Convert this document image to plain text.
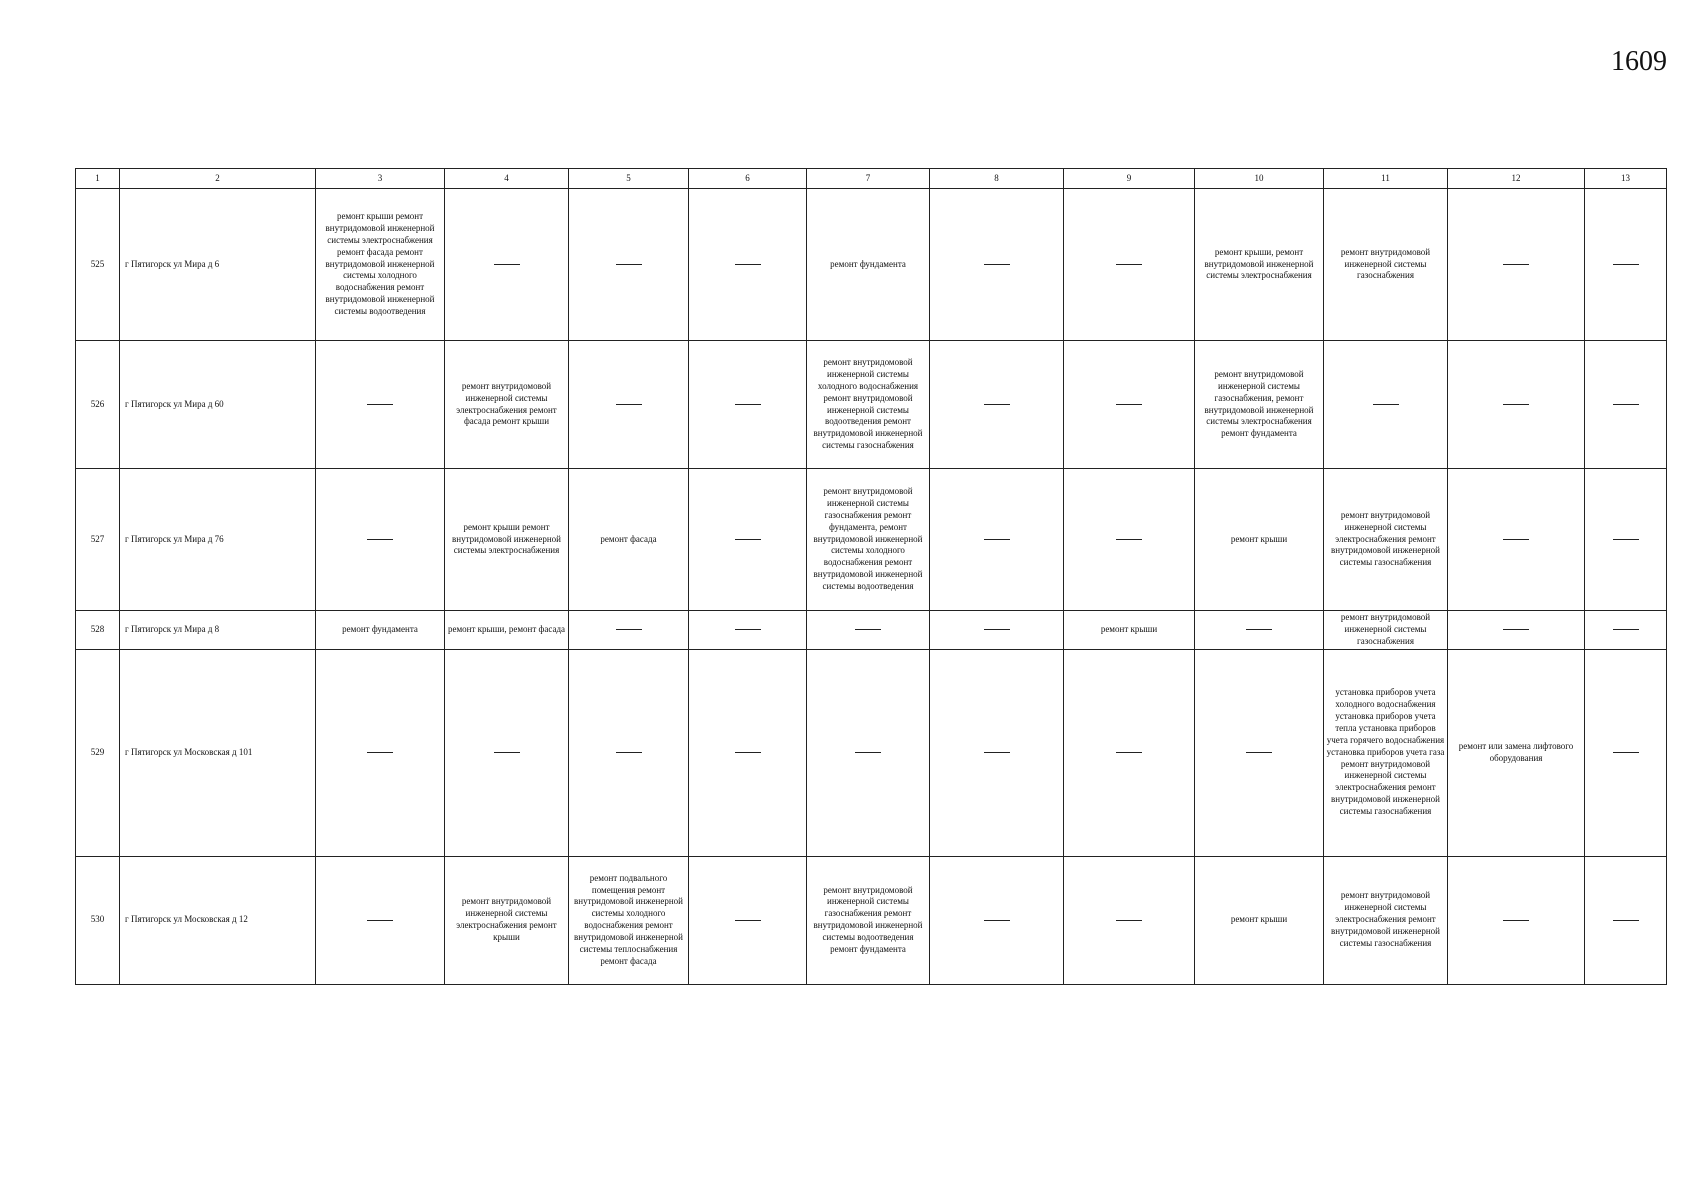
1609
1	2	3	4	5	6	7	8	9	10	11	12	13
525	г Пятигорск ул Мира д 6	ремонт крыши ремонт внутридомовой инженерной системы электроснабжения ремонт фасада ремонт внутридомовой инженерной системы холодного водоснабжения ремонт внутридомовой инженерной системы водоотведения				ремонт фундамента			ремонт крыши, ремонт внутридомовой инженерной системы электроснабжения	ремонт внутридомовой инженерной системы газоснабжения		
526	г Пятигорск ул Мира д 60		ремонт внутридомовой инженерной системы электроснабжения ремонт фасада ремонт крыши			ремонт внутридомовой инженерной системы холодного водоснабжения ремонт внутридомовой инженерной системы водоотведения ремонт внутридомовой инженерной системы газоснабжения			ремонт внутридомовой инженерной системы газоснабжения, ремонт внутридомовой инженерной системы электроснабжения ремонт фундамента			
527	г Пятигорск ул Мира д 76		ремонт крыши ремонт внутридомовой инженерной системы электроснабжения	ремонт фасада		ремонт внутридомовой инженерной системы газоснабжения ремонт фундамента, ремонт внутридомовой инженерной системы холодного водоснабжения ремонт внутридомовой инженерной системы водоотведения			ремонт крыши	ремонт внутридомовой инженерной системы электроснабжения ремонт внутридомовой инженерной системы газоснабжения		
528	г Пятигорск ул Мира д 8	ремонт фундамента	ремонт крыши, ремонт фасада					ремонт крыши		ремонт внутридомовой инженерной системы газоснабжения		
529	г Пятигорск ул Московская д 101									установка приборов учета холодного водоснабжения установка приборов учета тепла установка приборов учета горячего водоснабжения установка приборов учета газа ремонт внутридомовой инженерной системы электроснабжения ремонт внутридомовой инженерной системы газоснабжения	ремонт или замена лифтового оборудования	
530	г Пятигорск ул Московская д 12		ремонт внутридомовой инженерной системы электроснабжения ремонт крыши	ремонт подвального помещения ремонт внутридомовой инженерной системы холодного водоснабжения ремонт внутридомовой инженерной системы теплоснабжения ремонт фасада		ремонт внутридомовой инженерной системы газоснабжения ремонт внутридомовой инженерной системы водоотведения ремонт фундамента			ремонт крыши	ремонт внутридомовой инженерной системы электроснабжения ремонт внутридомовой инженерной системы газоснабжения		
